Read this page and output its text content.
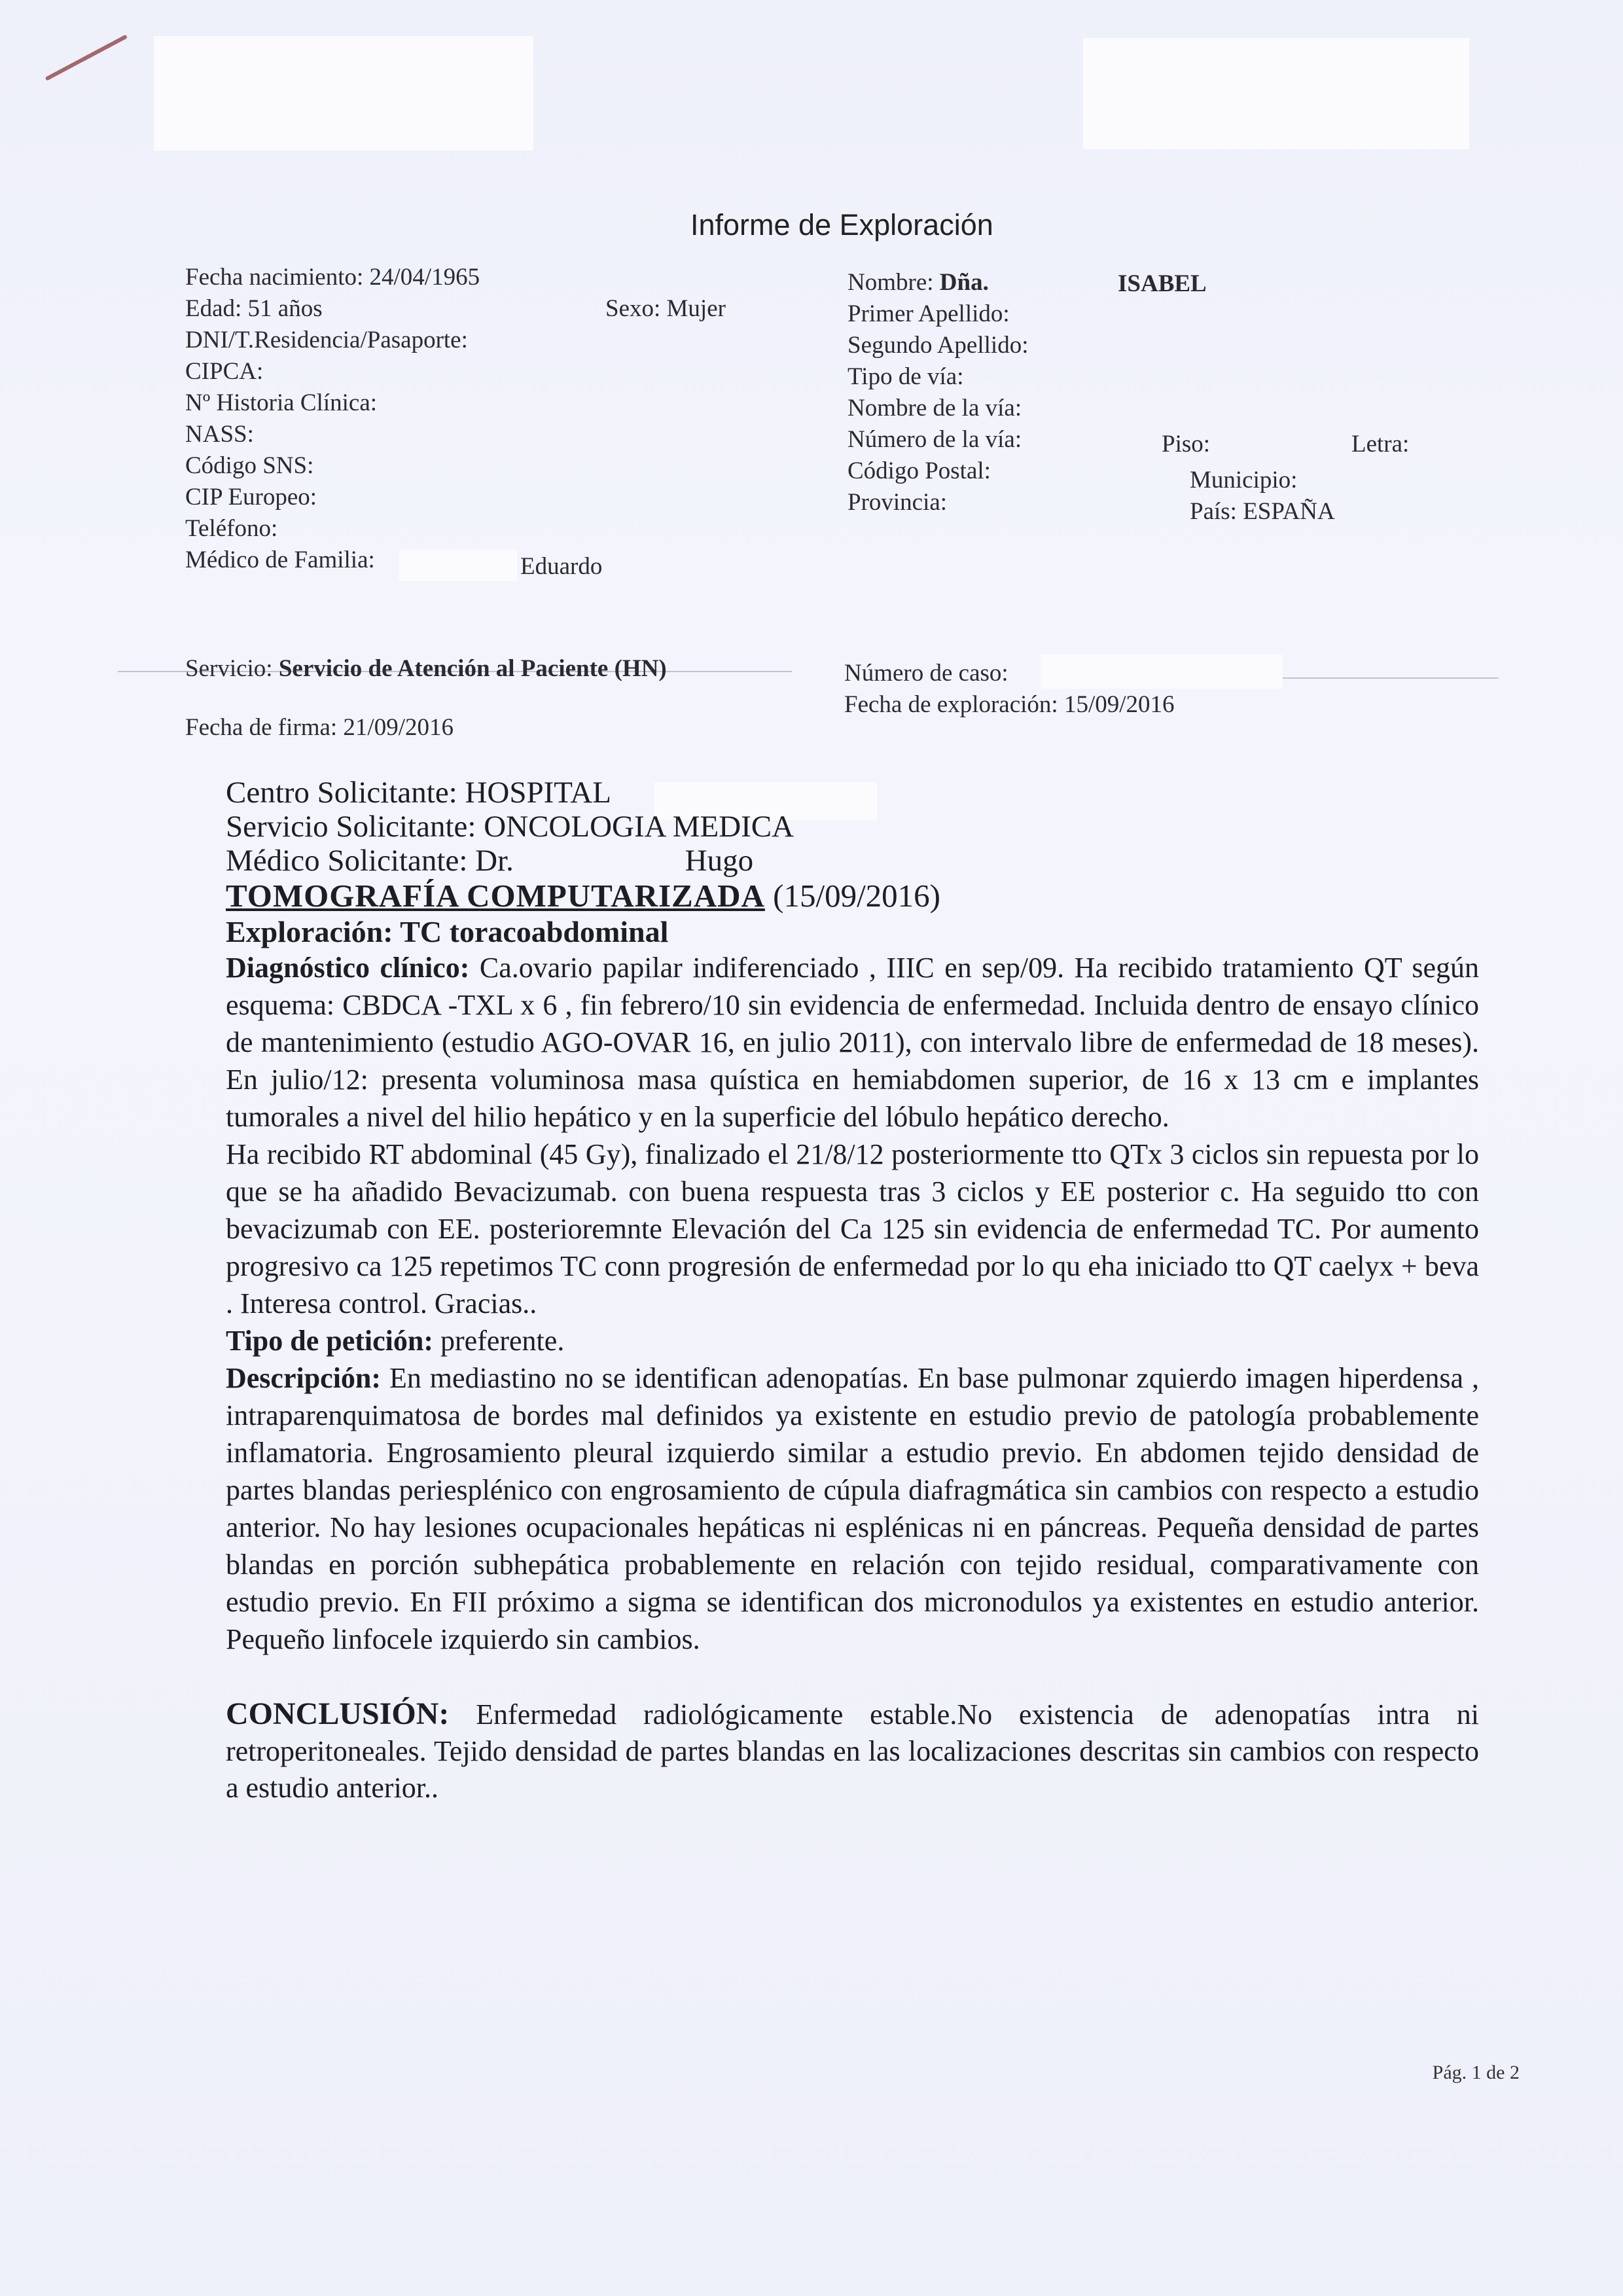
Informe de Exploración
Fecha nacimiento: 24/04/1965
Edad: 51 años
DNI/T.Residencia/Pasaporte:
CIPCA:
Nº Historia Clínica:
NASS:
Código SNS:
CIP Europeo:
Teléfono:
Médico de Familia:
Sexo: Mujer
Eduardo
Nombre: Dña.
Primer Apellido:
Segundo Apellido:
Tipo de vía:
Nombre de la vía:
Número de la vía:
Código Postal:
Provincia:
ISABEL
Piso:	Letra:
Municipio:
País: ESPAÑA
Servicio: Servicio de Atención al Paciente (HN)
Fecha de firma: 21/09/2016
Número de caso:
Fecha de exploración: 15/09/2016
Centro Solicitante: HOSPITAL
Servicio Solicitante: ONCOLOGIA MEDICA
Médico Solicitante: Dr.	Hugo
TOMOGRAFÍA COMPUTARIZADA (15/09/2016)
Exploración: TC toracoabdominal

Diagnóstico clínico: Ca.ovario papilar indiferenciado , IIIC en sep/09. Ha recibido tratamiento QT según esquema: CBDCA -TXL x 6 , fin febrero/10 sin evidencia de enfermedad. Incluida dentro de ensayo clínico de mantenimiento (estudio AGO-OVAR 16, en julio 2011), con intervalo libre de enfermedad de 18 meses). En julio/12: presenta voluminosa masa quística en hemiabdomen superior, de 16 x 13 cm e implantes tumorales a nivel del hilio hepático y en la superficie del lóbulo hepático derecho.

Ha recibido RT abdominal (45 Gy), finalizado el 21/8/12 posteriormente tto QTx 3 ciclos sin repuesta por lo que se ha añadido Bevacizumab. con buena respuesta tras 3 ciclos y EE posterior c. Ha seguido tto con bevacizumab con EE. posterioremnte Elevación del Ca 125 sin evidencia de enfermedad TC. Por aumento progresivo ca 125 repetimos TC conn progresión de enfermedad por lo qu eha iniciado tto QT caelyx + beva . Interesa control. Gracias..

Tipo de petición: preferente.

Descripción: En mediastino no se identifican adenopatías. En base pulmonar zquierdo imagen hiperdensa , intraparenquimatosa de bordes mal definidos ya existente en estudio previo de patología probablemente inflamatoria. Engrosamiento pleural izquierdo similar a estudio previo. En abdomen tejido densidad de partes blandas periesplénico con engrosamiento de cúpula diafragmática sin cambios con respecto a estudio anterior. No hay lesiones ocupacionales hepáticas ni esplénicas ni en páncreas. Pequeña densidad de partes blandas en porción subhepática probablemente en relación con tejido residual, comparativamente con estudio previo. En FII próximo a sigma se identifican dos micronodulos ya existentes en estudio anterior. Pequeño linfocele izquierdo sin cambios.

CONCLUSIÓN: Enfermedad radiológicamente estable.No existencia de adenopatías intra ni retroperitoneales. Tejido densidad de partes blandas en las localizaciones descritas sin cambios con respecto a estudio anterior..

Pág. 1 de 2
